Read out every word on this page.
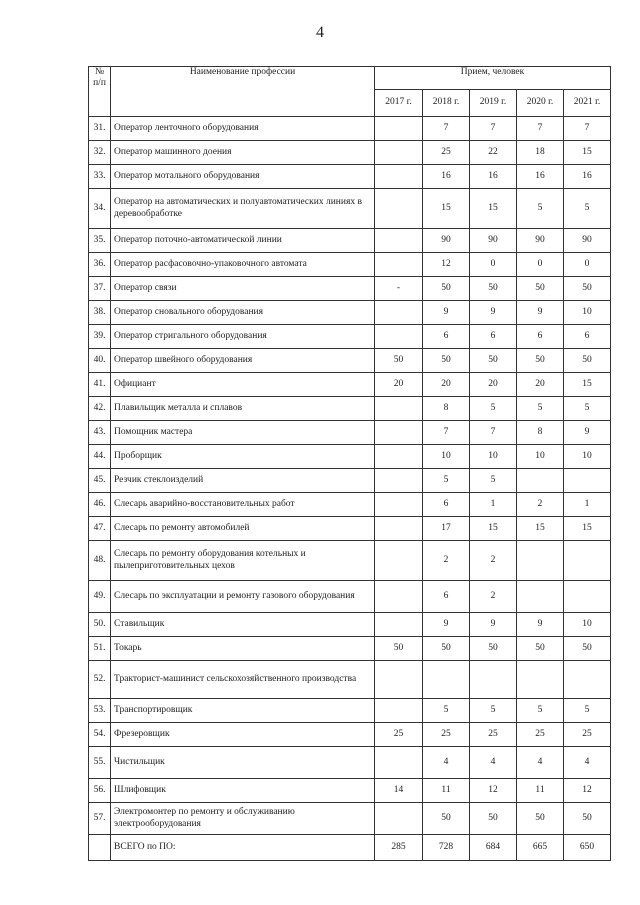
4
№ п/п	Наименование профессии	Прием, человек				
		2017 г.	2018 г.	2019 г.	2020 г.	2021 г.
31.	Оператор ленточного оборудования		7	7	7	7
32.	Оператор машинного доения		25	22	18	15
33.	Оператор мотального оборудования		16	16	16	16
34.	Оператор на автоматических и полуавтоматических линиях в деревообработке		15	15	5	5
35.	Оператор поточно-автоматической линии		90	90	90	90
36.	Оператор расфасовочно-упаковочного автомата		12	0	0	0
37.	Оператор связи	-	50	50	50	50
38.	Оператор сновального оборудования		9	9	9	10
39.	Оператор стригального оборудования		6	6	6	6
40.	Оператор швейного оборудования	50	50	50	50	50
41.	Официант	20	20	20	20	15
42.	Плавильщик металла и сплавов		8	5	5	5
43.	Помощник мастера		7	7	8	9
44.	Проборщик		10	10	10	10
45.	Резчик стеклоизделий		5	5		
46.	Слесарь аварийно-восстановительных работ		6	1	2	1
47.	Слесарь по ремонту автомобилей		17	15	15	15
48.	Слесарь по ремонту оборудования котельных и пылеприготовительных цехов		2	2		
49.	Слесарь по эксплуатации и ремонту газового оборудования		6	2		
50.	Ставильщик		9	9	9	10
51.	Токарь	50	50	50	50	50
52.	Тракторист-машинист сельскохозяйственного производства					
53.	Транспортировщик		5	5	5	5
54.	Фрезеровщик	25	25	25	25	25
55.	Чистильщик		4	4	4	4
56.	Шлифовщик	14	11	12	11	12
57.	Электромонтер по ремонту и обслуживанию электрооборудования		50	50	50	50
	ВСЕГО по ПО:	285	728	684	665	650
